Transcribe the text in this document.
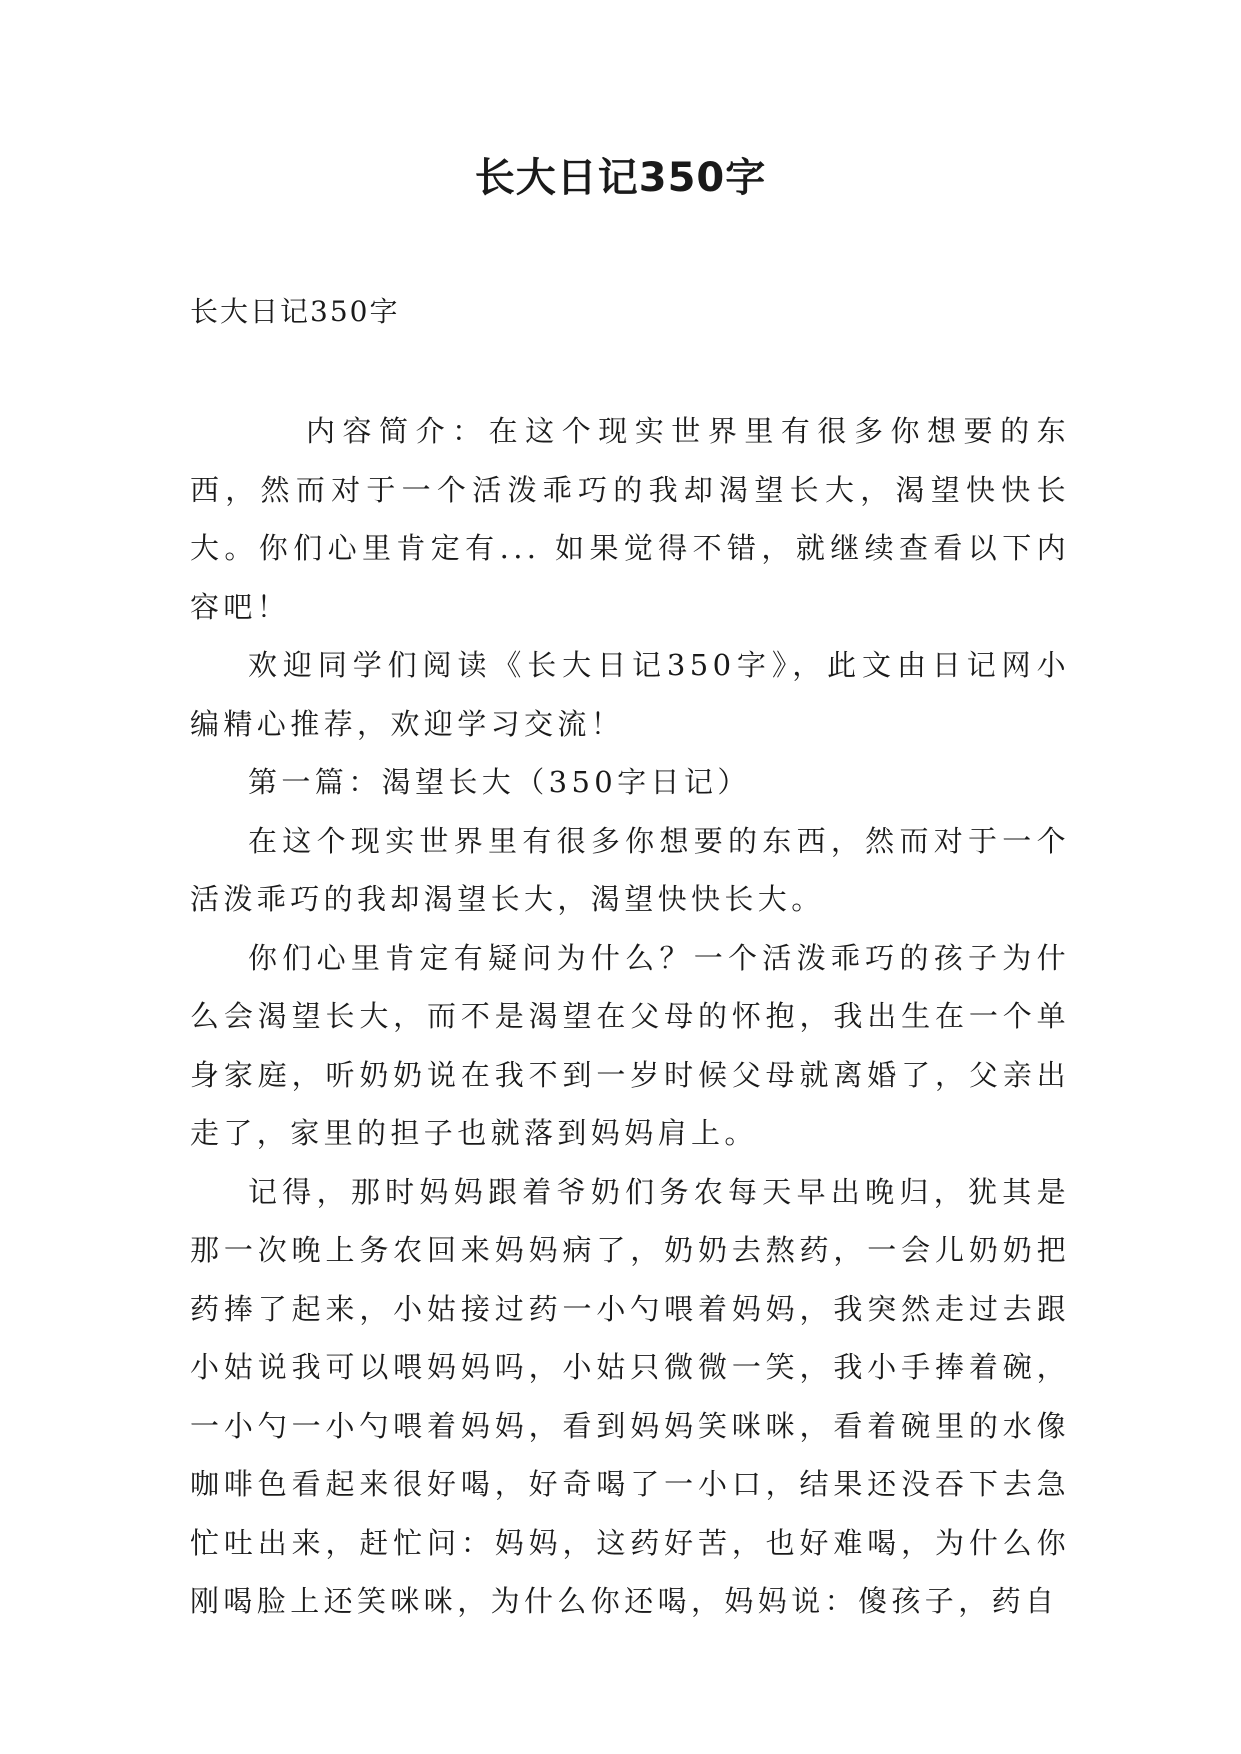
长大日记350字
长大日记350字

内容简介：在这个现实世界里有很多你想要的东西，然而对于一个活泼乖巧的我却渴望长大，渴望快快长大。你们心里肯定有... 如果觉得不错，就继续查看以下内容吧！

欢迎同学们阅读《长大日记350字》，此文由日记网小编精心推荐，欢迎学习交流！

第一篇：渴望长大（350字日记）

在这个现实世界里有很多你想要的东西，然而对于一个活泼乖巧的我却渴望长大，渴望快快长大。

你们心里肯定有疑问为什么？一个活泼乖巧的孩子为什么会渴望长大，而不是渴望在父母的怀抱，我出生在一个单身家庭，听奶奶说在我不到一岁时候父母就离婚了，父亲出走了，家里的担子也就落到妈妈肩上。

记得，那时妈妈跟着爷奶们务农每天早出晚归，犹其是那一次晚上务农回来妈妈病了，奶奶去熬药，一会儿奶奶把药捧了起来，小姑接过药一小勺喂着妈妈，我突然走过去跟小姑说我可以喂妈妈吗，小姑只微微一笑，我小手捧着碗，一小勺一小勺喂着妈妈，看到妈妈笑咪咪，看着碗里的水像咖啡色看起来很好喝，好奇喝了一小口，结果还没吞下去急忙吐出来，赶忙问：妈妈，这药好苦，也好难喝，为什么你刚喝脸上还笑咪咪，为什么你还喝，妈妈说：傻孩子，药自
